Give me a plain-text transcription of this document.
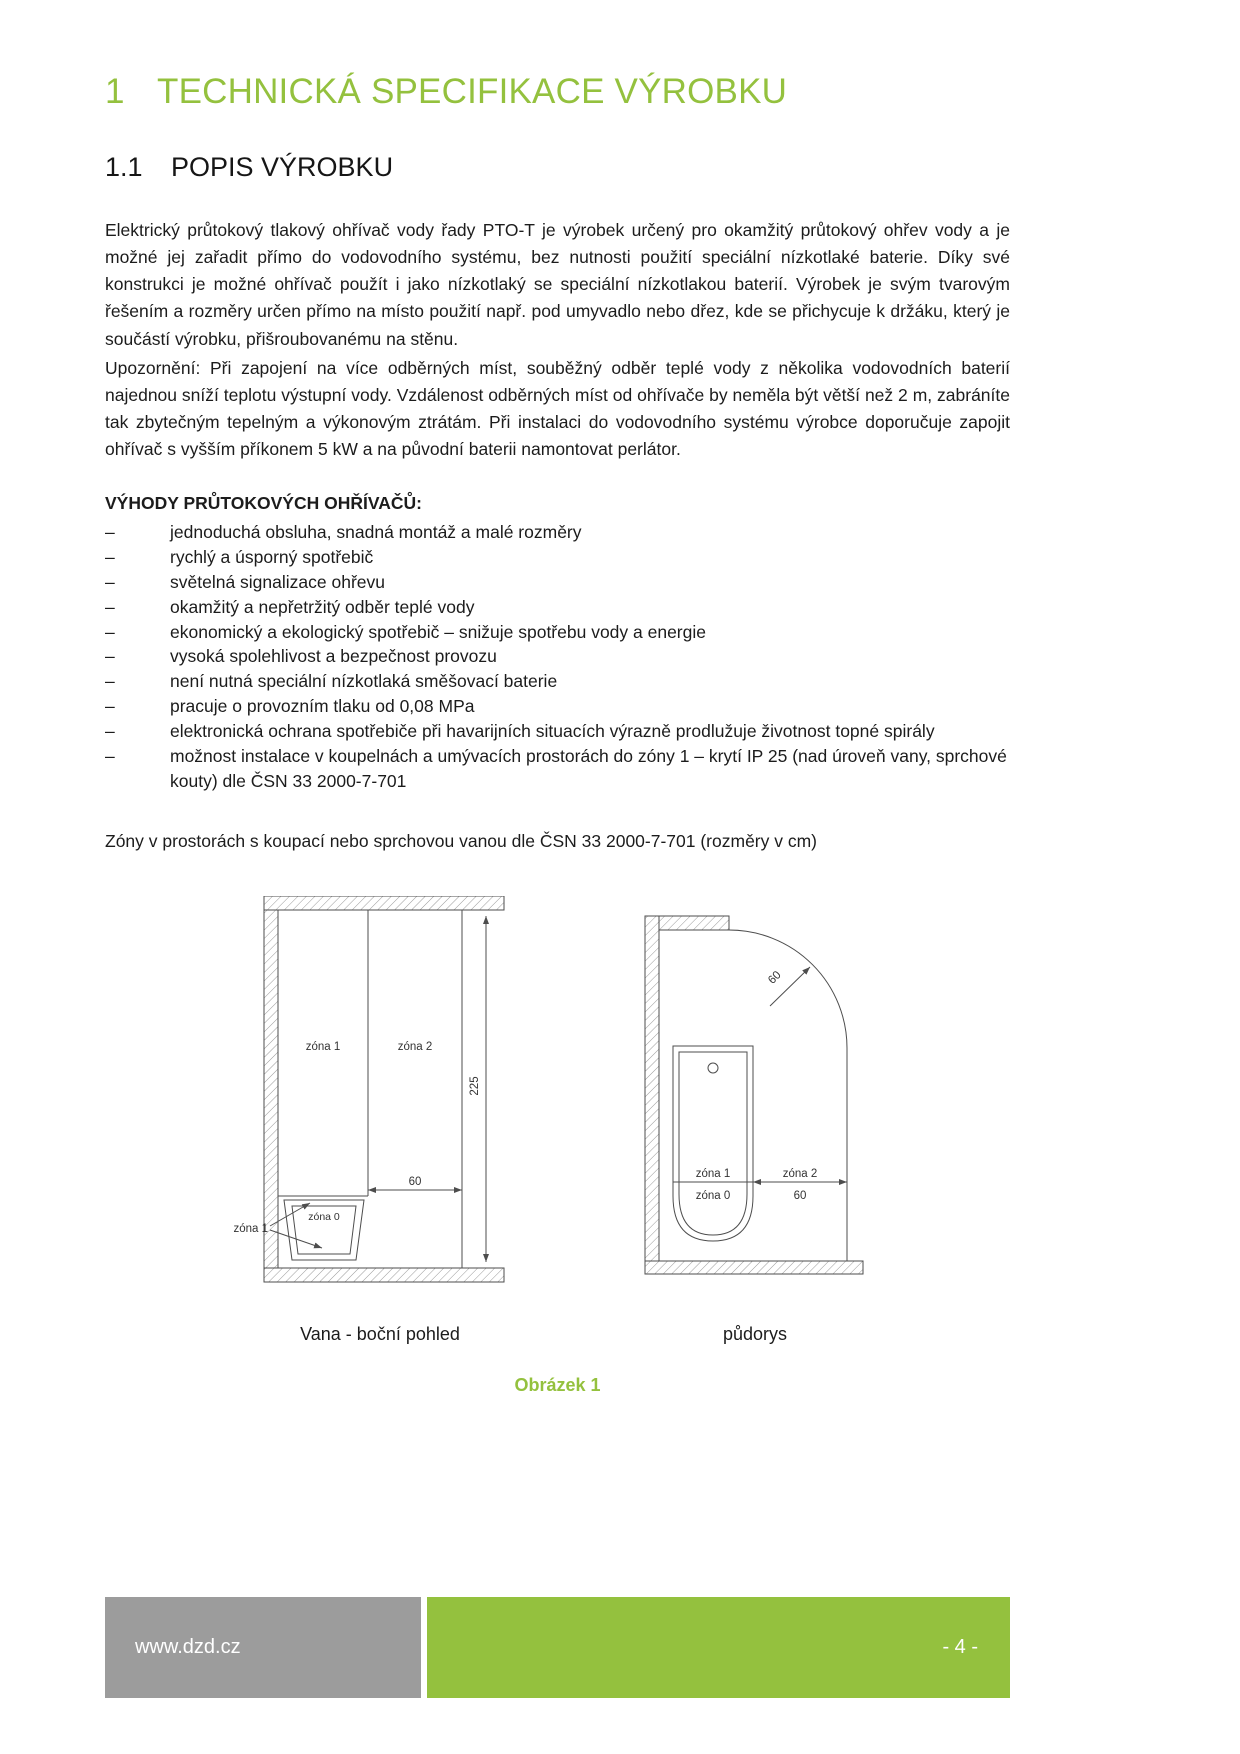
1 TECHNICKÁ SPECIFIKACE VÝROBKU
1.1 POPIS VÝROBKU

Elektrický průtokový tlakový ohřívač vody řady PTO-T je výrobek určený pro okamžitý průtokový ohřev vody a je možné jej zařadit přímo do vodovodního systému, bez nutnosti použití speciální nízkotlaké baterie. Díky své konstrukci je možné ohřívač použít i jako nízkotlaký se speciální nízkotlakou baterií. Výrobek je svým tvarovým řešením a rozměry určen přímo na místo použití např. pod umyvadlo nebo dřez, kde se přichycuje k držáku, který je součástí výrobku, přišroubovanému na stěnu.

Upozornění: Při zapojení na více odběrných míst, souběžný odběr teplé vody z několika vodovodních baterií najednou sníží teplotu výstupní vody. Vzdálenost odběrných míst od ohřívače by neměla být větší než 2 m, zabráníte tak zbytečným tepelným a výkonovým ztrátám. Při instalaci do vodovodního systému výrobce doporučuje zapojit ohřívač s vyšším příkonem 5 kW a na původní baterii namontovat perlátor.

VÝHODY PRŮTOKOVÝCH OHŘÍVAČŮ:
–	jednoduchá obsluha, snadná montáž a malé rozměry
–	rychlý a úsporný spotřebič
–	světelná signalizace ohřevu
–	okamžitý a nepřetržitý odběr teplé vody
–	ekonomický a ekologický spotřebič – snižuje spotřebu vody a energie
–	vysoká spolehlivost a bezpečnost provozu
–	není nutná speciální nízkotlaká směšovací baterie
–	pracuje o provozním tlaku od 0,08 MPa
–	elektronická ochrana spotřebiče při havarijních situacích výrazně prodlužuje životnost topné spirály
–	možnost instalace v koupelnách a umývacích prostorách do zóny 1 – krytí IP 25 (nad úroveň vany, sprchové kouty) dle ČSN 33 2000-7-701

Zóny v prostorách s koupací nebo sprchovou vanou dle ČSN 33 2000-7-701 (rozměry v cm)

zóna 1	zóna 2
zóna 0
zóna 1
60
225
Vana - boční pohled
zóna 1
zóna 0
zóna 2
60
60
půdorys
Obrázek 1
www.dzd.cz	- 4 -
